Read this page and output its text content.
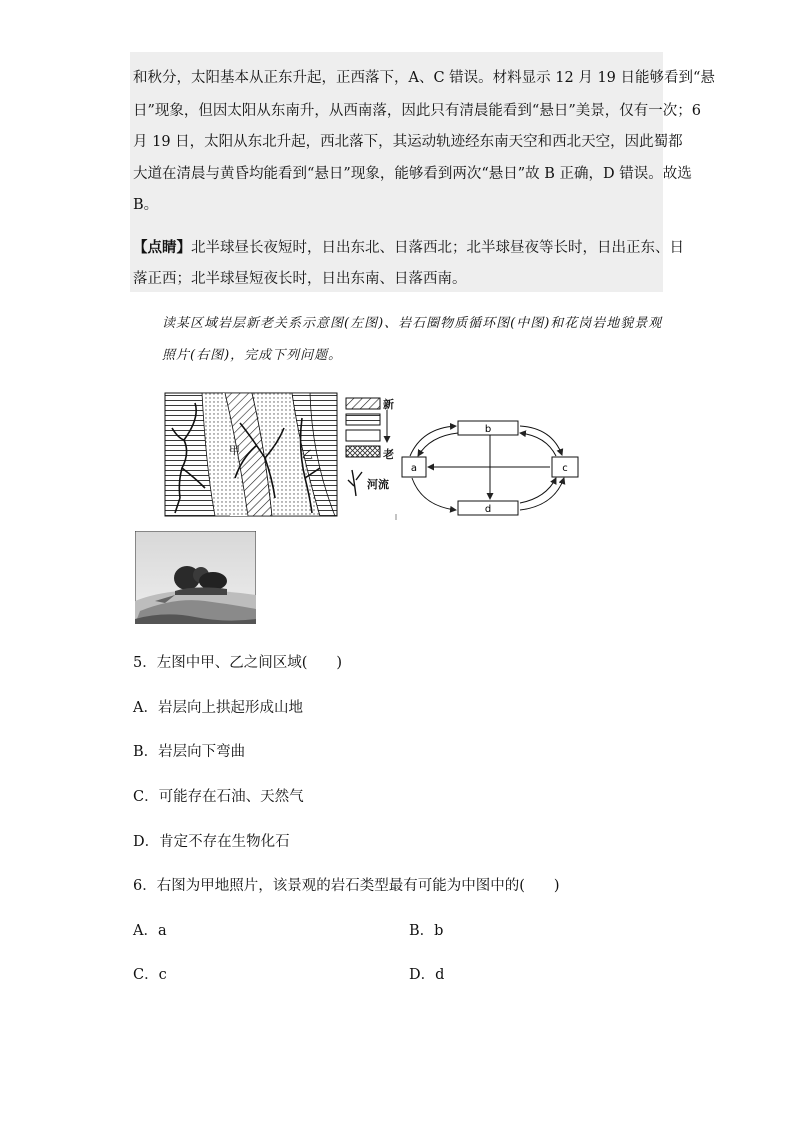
和秋分，太阳基本从正东升起，正西落下，A、C 错误。材料显示 12 月 19 日能够看到“悬
日”现象，但因太阳从东南升，从西南落，因此只有清晨能看到“悬日”美景，仅有一次；6
月 19 日，太阳从东北升起，西北落下，其运动轨迹经东南天空和西北天空，因此蜀都
大道在清晨与黄昏均能看到“悬日”现象，能够看到两次“悬日”故 B 正确，D 错误。故选
B。
【点睛】北半球昼长夜短时，日出东北、日落西北；北半球昼夜等长时，日出正东、日
落正西；北半球昼短夜长时，日出东南、日落西南。
读某区域岩层新老关系示意图(左图)、岩石圈物质循环图(中图)和花岗岩地貌景观
照片(右图)，完成下列问题。
甲	乙
新
老
河流
b
d
a	c
5．左图中甲、乙之间区域(　　)
A．岩层向上拱起形成山地
B．岩层向下弯曲
C．可能存在石油、天然气
D．肯定不存在生物化石
6．右图为甲地照片，该景观的岩石类型最有可能为中图中的(　　)
A．a	B．b
C．c	D．d
